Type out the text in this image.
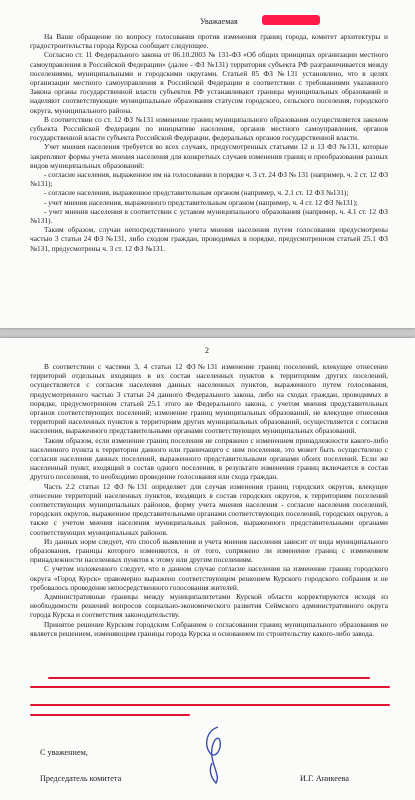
Уважаемая

На Ваше обращение по вопросу голосования против изменения границ города, комитет архитектуры и градостроительства города Курска сообщает следующее.

Согласно ст. 11 Федерального закона от 06.10.2003 № 131-ФЗ «Об общих принципах организации местного самоуправления в Российской Федерации» (далее - ФЗ №131) территория субъекта РФ разграничивается между поселениями, муниципальными и городскими округами. Статьей 85 ФЗ №131 установлено, что в целях организации местного самоуправления в Российской Федерации в соответствии с требованиями указанного Закона органы государственной власти субъектов РФ устанавливают границы муниципальных образований и наделяют соответствующие муниципальные образования статусом городского, сельского поселения, городского округа, муниципального района.

В соответствии со ст. 12 ФЗ №131 изменение границ муниципального образования осуществляется законом субъекта Российской Федерации по инициативе населения, органов местного самоуправления, органов государственной власти субъекта Российской Федерации, федеральных органов государственной власти.

Учет мнения населения требуется во всех случаях, предусмотренных статьями 12 и 13 ФЗ №131, которые закрепляют формы учета мнения населения для конкретных случаев изменения границ и преобразования разных видов муниципальных образований:

- согласие населения, выраженное им на голосовании в порядке ч. 3 ст. 24 ФЗ № 131 (например, ч. 2 ст. 12 ФЗ №131);

- согласие населения, выраженное представительным органом (например, ч. 2.1 ст. 12 ФЗ №131);

- учет мнения населения, выраженного представительным органом (например, ч. 4 ст. 12 ФЗ №131);

- учет мнения населения в соответствии с уставом муниципального образования (например, ч. 4.1 ст. 12 ФЗ №131).

Таким образом, случаи непосредственного учета мнения населения путем голосования предусмотрены частью 3 статьи 24 ФЗ №131, либо сходом граждан, проводимых в порядке, предусмотренном статьей 25.1 ФЗ №131, предусмотрены ч. 3 ст. 12 ФЗ №131.

2

В соответствии с частями 3, 4 статьи 12 ФЗ№131 изменение границ поселений, влекущее отнесение территорий отдельных входящих в их состав населенных пунктов к территориям других поселений, осуществляется с согласия населения данных населенных пунктов, выраженного путем голосования, предусмотренного частью 3 статьи 24 данного Федерального закона, либо на сходах граждан, проводимых в порядке, предусмотренном статьей 25.1 этого же Федерального закона, с учетом мнения представительных органов соответствующих поселений; изменение границ муниципальных образований, не влекущее отнесения территорий населенных пунктов к территориям других муниципальных образований, осуществляется с согласия населения, выраженного представительными органами соответствующих муниципальных образований.

Таким образом, если изменение границ поселения не сопряжено с изменением принадлежности какого-либо населенного пункта к территории данного или граничащего с ним поселения, это может быть осуществлено с согласия населения данных поселений, выраженного представительными органами обоих поселений. Если же населенный пункт, входящий в состав одного поселения, в результате изменения границ включается в состав другого поселения, то необходимо проведение голосования или схода граждан.

Часть 2.2 статьи 12 ФЗ №131 определяет для случая изменения границ городских округов, влекущее отнесение территорий населенных пунктов, входящих в состав городских округов, к территориям поселений соответствующих муниципальных районов, форму учета мнения населения - согласие населения поселений, городских округов, выраженное представительными органами соответствующих поселений, городских округов, а также с учетом мнения населения муниципальных районов, выраженного представительными органами соответствующих муниципальных районов.

Из данных норм следует, что способ выявления и учета мнения населения зависит от вида муниципального образования, границы которого изменяются, и от того, сопряжено ли изменение границ с изменением принадлежности населенных пунктов к этому или другим поселениям.

С учетом изложенного следует, что в данном случае согласие населения на изменение границ городского округа «Город Курск» правомерно выражено соответствующим решением Курского городского собрания и не требовалось проведение непосредственного голосования жителей.

Административные границы между муниципалитетами Курской области корректируются исходя из необходимости решений вопросов социально-экономического развития Сеймского административного округа города Курска и соответствия законодательству.

Принятое решение Курским городским Собранием о согласовании границ муниципального образования не является решением, изменяющим границы города Курска и основанием по строительству какого-либо завода.

С уважением,
Председатель комитета	И.Г. Аникеева
